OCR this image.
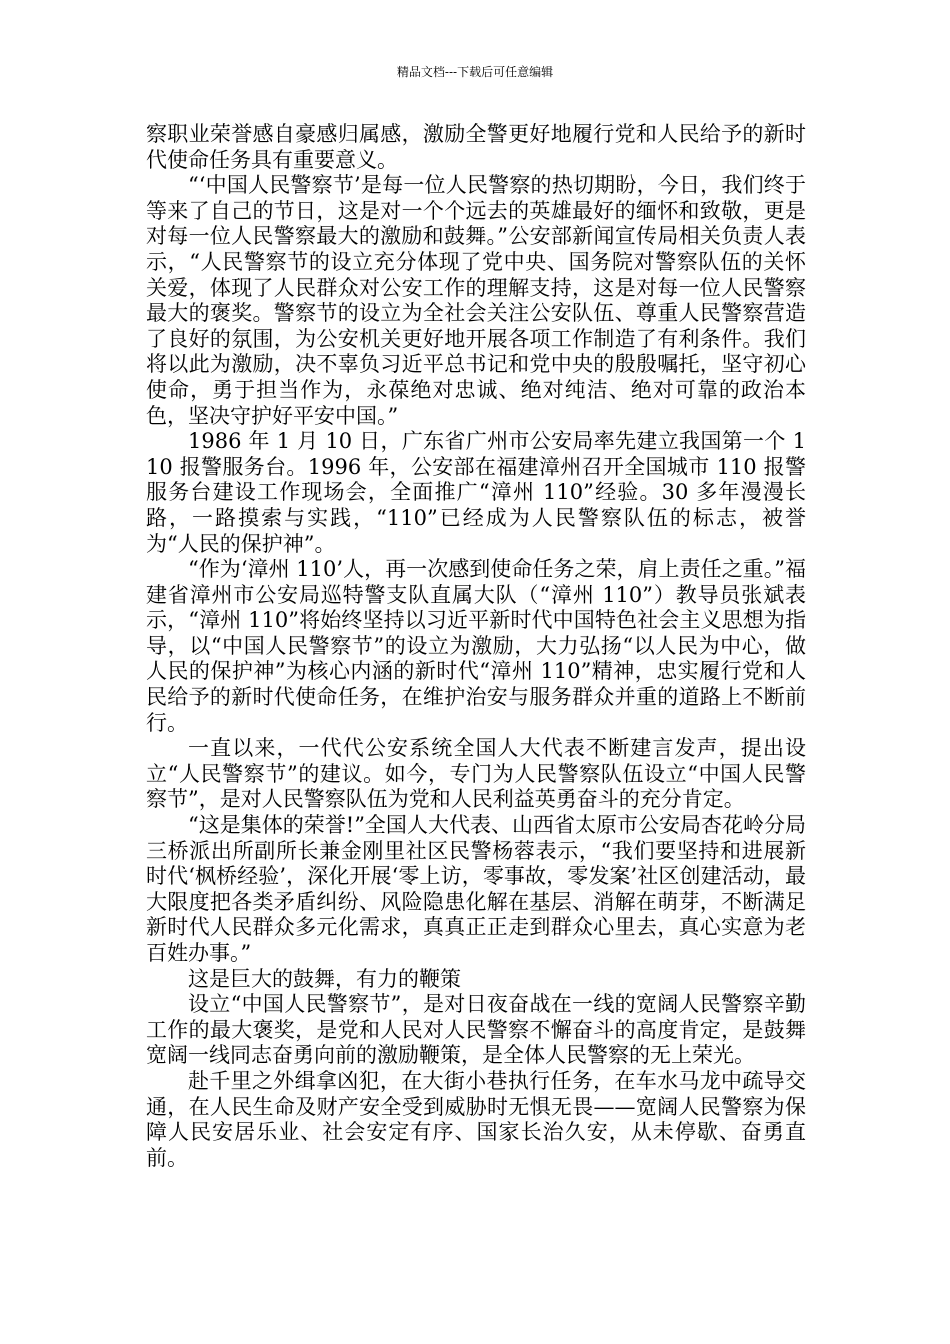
精品文档---下载后可任意编辑

察职业荣誉感自豪感归属感，激励全警更好地履行党和人民给予的新时代使命任务具有重要意义。

“‘中国人民警察节’是每一位人民警察的热切期盼，今日，我们终于等来了自己的节日，这是对一个个远去的英雄最好的缅怀和致敬，更是对每一位人民警察最大的激励和鼓舞。”公安部新闻宣传局相关负责人表示，“人民警察节的设立充分体现了党中央、国务院对警察队伍的关怀关爱，体现了人民群众对公安工作的理解支持，这是对每一位人民警察最大的褒奖。警察节的设立为全社会关注公安队伍、尊重人民警察营造了良好的氛围，为公安机关更好地开展各项工作制造了有利条件。我们将以此为激励，决不辜负习近平总书记和党中央的殷殷嘱托，坚守初心使命，勇于担当作为，永葆绝对忠诚、绝对纯洁、绝对可靠的政治本色，坚决守护好平安中国。”

1986 年 1 月 10 日，广东省广州市公安局率先建立我国第一个 110 报警服务台。1996 年，公安部在福建漳州召开全国城市 110 报警服务台建设工作现场会，全面推广“漳州 110”经验。30 多年漫漫长路，一路摸索与实践，“110”已经成为人民警察队伍的标志，被誉为“人民的保护神”。

“作为‘漳州 110’人，再一次感到使命任务之荣，肩上责任之重。”福建省漳州市公安局巡特警支队直属大队（“漳州 110”）教导员张斌表示，“漳州 110”将始终坚持以习近平新时代中国特色社会主义思想为指导，以“中国人民警察节”的设立为激励，大力弘扬“以人民为中心，做人民的保护神”为核心内涵的新时代“漳州 110”精神，忠实履行党和人民给予的新时代使命任务，在维护治安与服务群众并重的道路上不断前行。

一直以来，一代代公安系统全国人大代表不断建言发声，提出设立“人民警察节”的建议。如今，专门为人民警察队伍设立“中国人民警察节”，是对人民警察队伍为党和人民利益英勇奋斗的充分肯定。

“这是集体的荣誉!”全国人大代表、山西省太原市公安局杏花岭分局三桥派出所副所长兼金刚里社区民警杨蓉表示，“我们要坚持和进展新时代‘枫桥经验’，深化开展‘零上访，零事故，零发案’社区创建活动，最大限度把各类矛盾纠纷、风险隐患化解在基层、消解在萌芽，不断满足新时代人民群众多元化需求，真真正正走到群众心里去，真心实意为老百姓办事。”

这是巨大的鼓舞，有力的鞭策

设立“中国人民警察节”，是对日夜奋战在一线的宽阔人民警察辛勤工作的最大褒奖，是党和人民对人民警察不懈奋斗的高度肯定，是鼓舞宽阔一线同志奋勇向前的激励鞭策，是全体人民警察的无上荣光。

赴千里之外缉拿凶犯，在大街小巷执行任务，在车水马龙中疏导交通，在人民生命及财产安全受到威胁时无惧无畏——宽阔人民警察为保障人民安居乐业、社会安定有序、国家长治久安，从未停歇、奋勇直前。
